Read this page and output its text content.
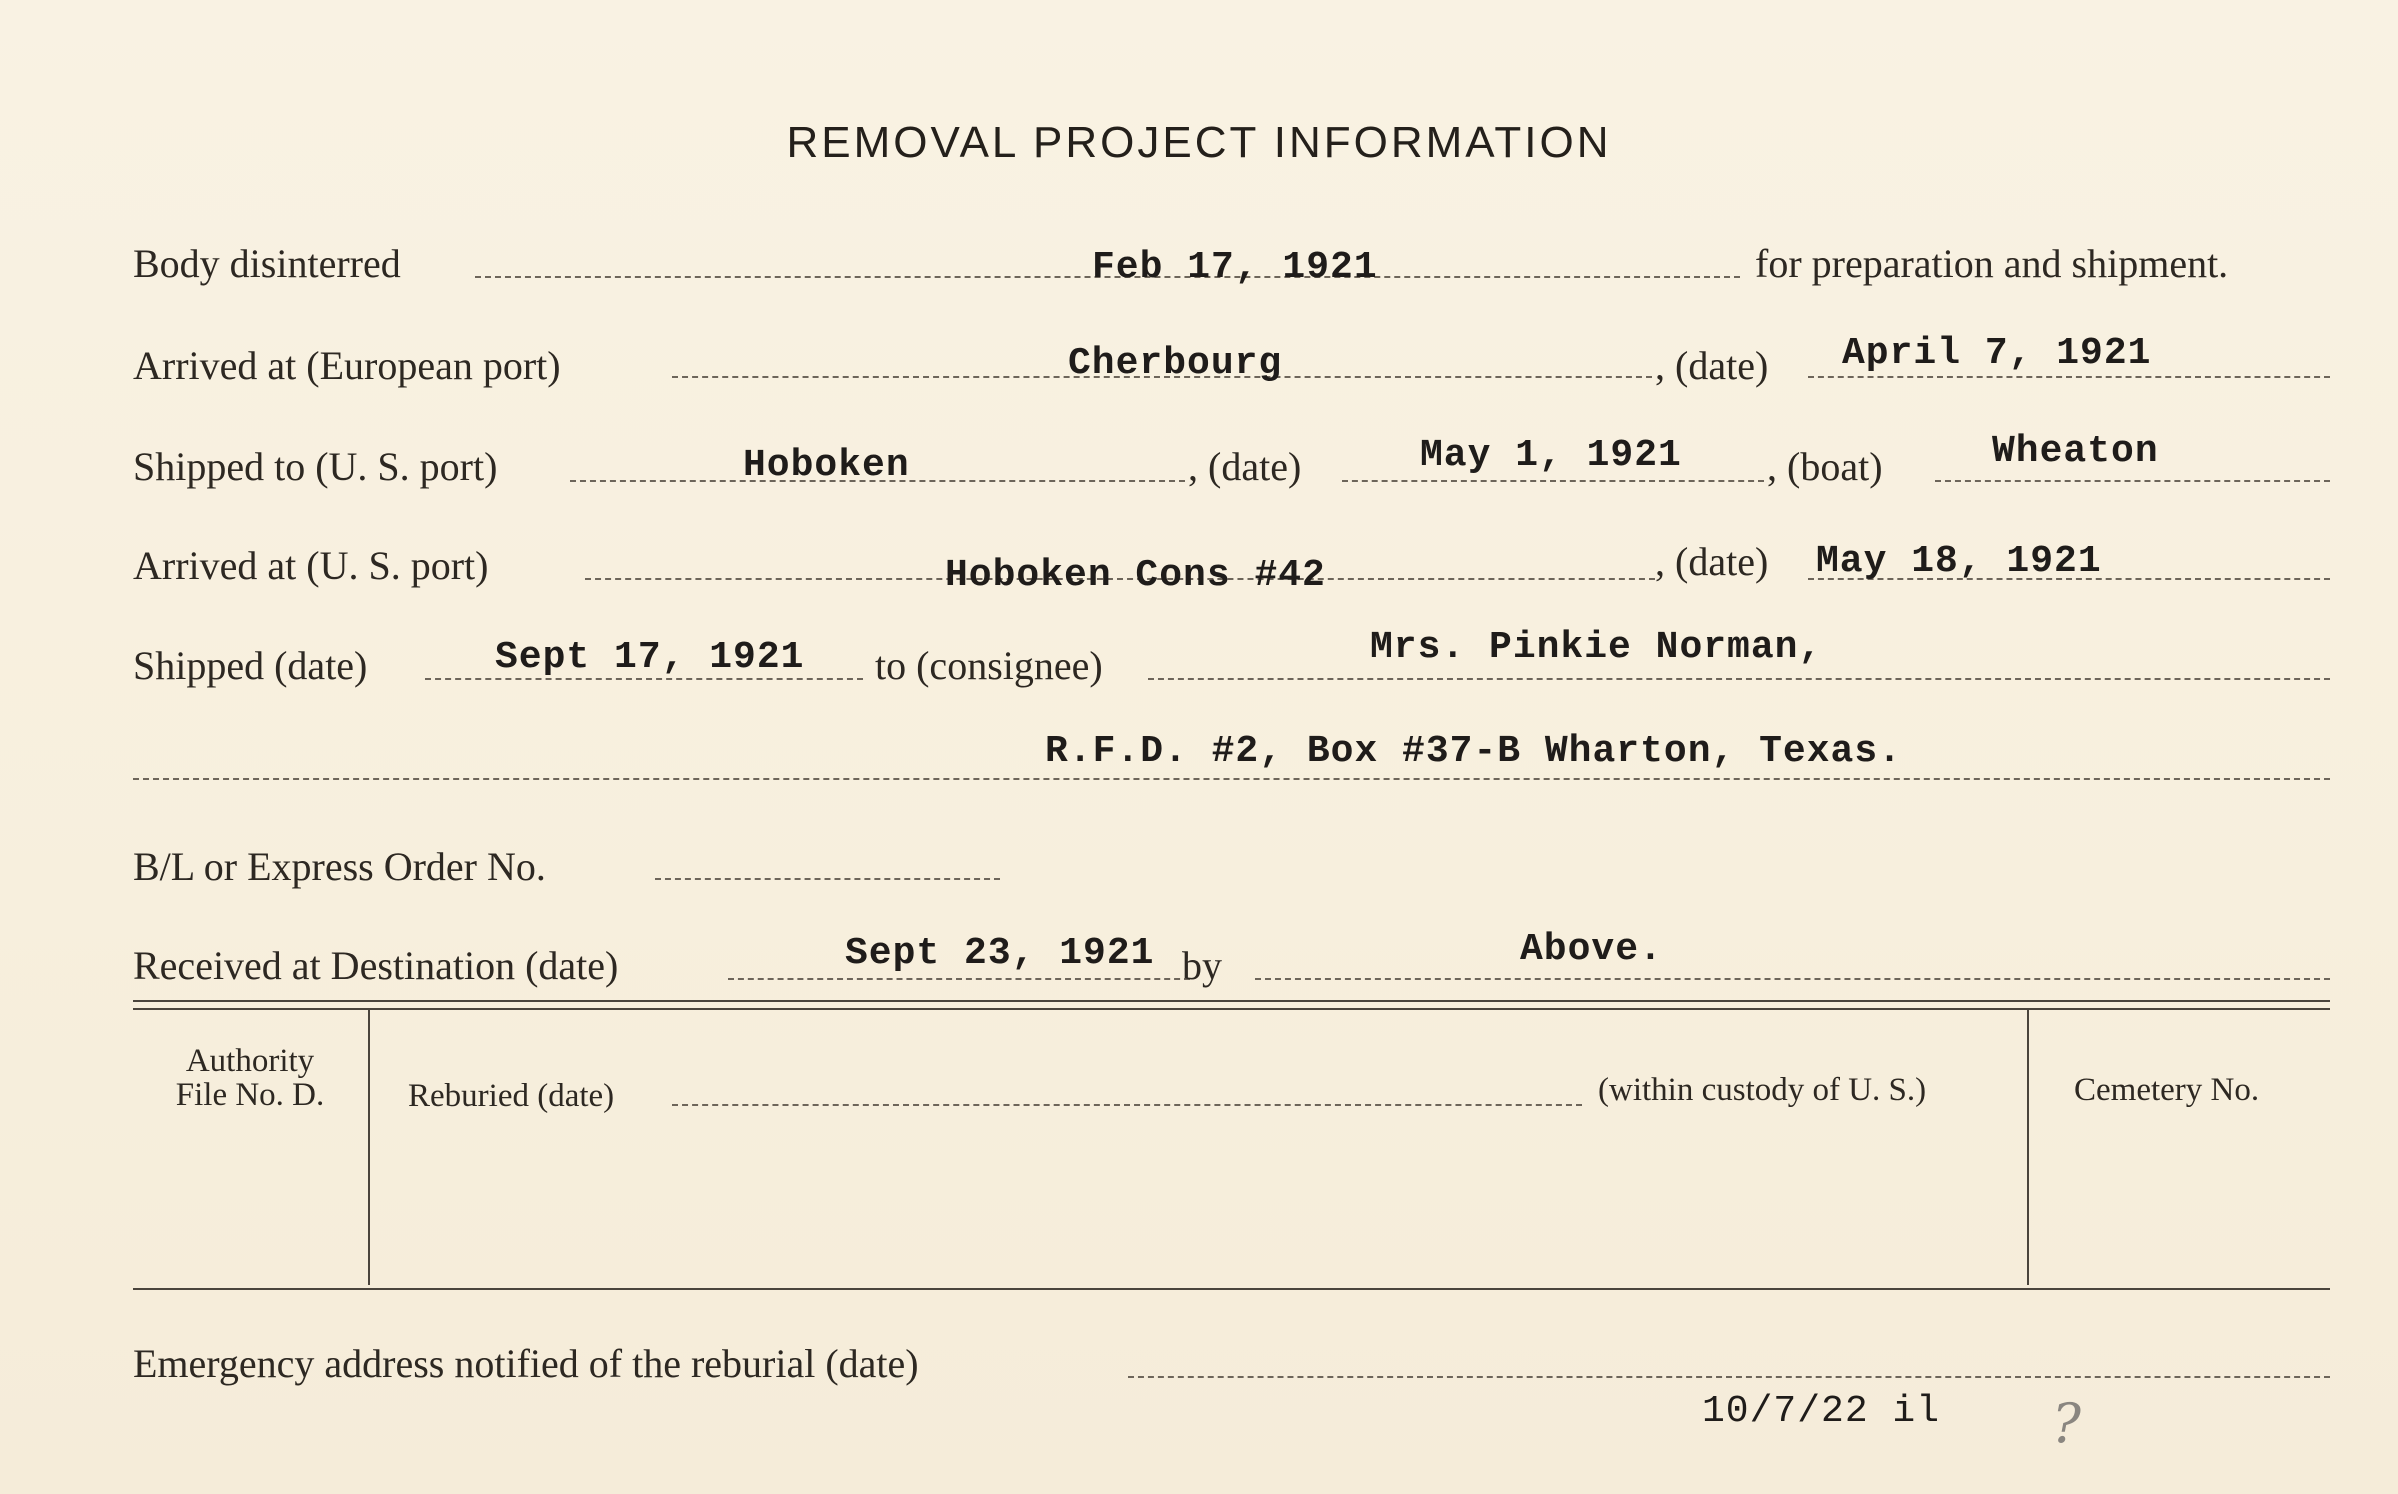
REMOVAL PROJECT INFORMATION
Body disinterred	Feb 17, 1921	for preparation and shipment.
Arrived at (European port)	Cherbourg	, (date) April 7, 1921
Shipped to (U. S. port)	Hoboken	, (date)	May 1, 1921 , (boat)	Wheaton
Arrived at (U. S. port)	Hoboken Cons #42	, (date) May 18, 1921
Shipped (date)	Sept 17, 1921 to (consignee)	Mrs. Pinkie Norman,
R.F.D. #2, Box #37-B Wharton, Texas.
B/L or Express Order No.
Received at Destination (date)	Sept 23, 1921 by	Above.
Authority
File No. D.	Reburied (date)	(within custody of U. S.)	Cemetery No.
Emergency address notified of the reburial (date)
10/7/22 il ?
